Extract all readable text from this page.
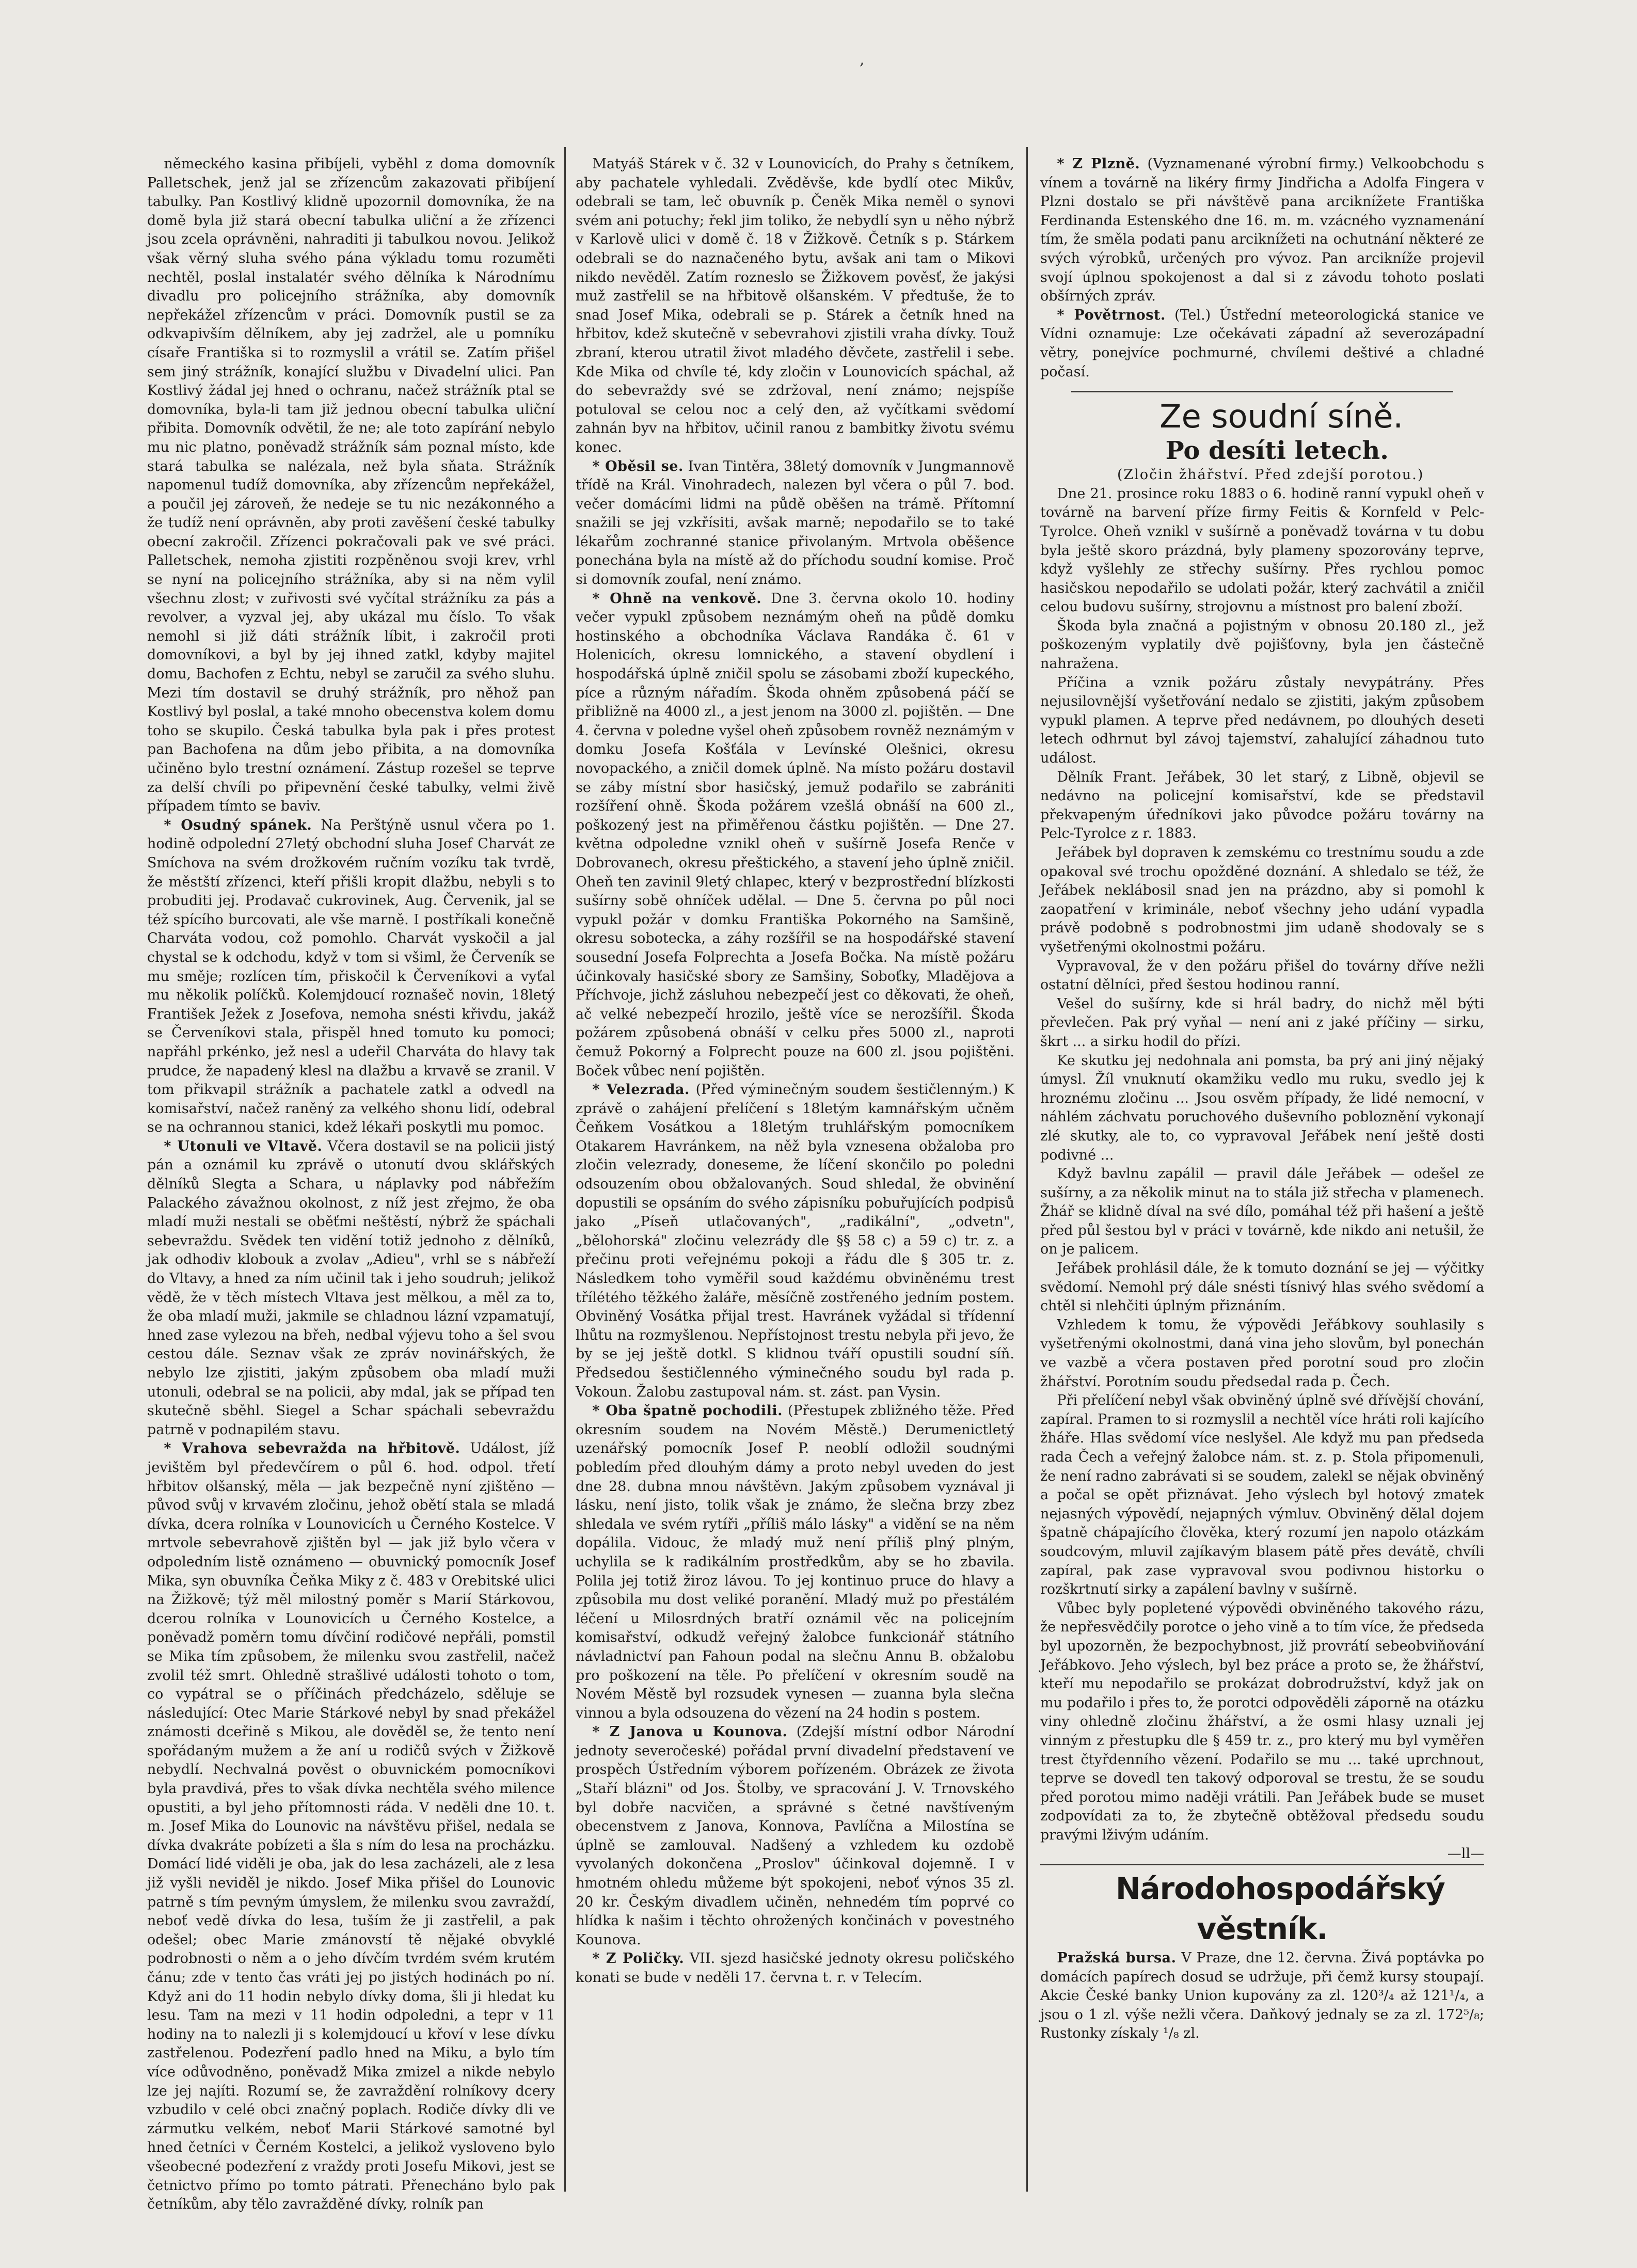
,

německého kasina přibíjeli, vyběhl z doma domovník Palletschek, jenž jal se zřízencům zakazovati přibíjení tabulky. Pan Kostlivý klidně upozornil domovníka, že na domě byla již stará obecní tabulka uliční a že zřízenci jsou zcela oprávněni, nahraditi ji tabulkou novou. Jelikož však věrný sluha svého pána výkladu tomu rozuměti nechtěl, poslal instalatér svého dělníka k Národnímu divadlu pro policejního strážníka, aby domovník nepřekážel zřízencům v práci. Domovník pustil se za odkvapivším dělníkem, aby jej zadržel, ale u pomníku císaře Františka si to rozmyslil a vrátil se. Zatím přišel sem jiný strážník, konající službu v Divadelní ulici. Pan Kostlivý žádal jej hned o ochranu, načež strážník ptal se domovníka, byla-li tam již jednou obecní tabulka uliční přibita. Domovník odvětil, že ne; ale toto zapírání nebylo mu nic platno, poněvadž strážník sám poznal místo, kde stará tabulka se nalézala, než byla sňata. Strážník napomenul tudíž domovníka, aby zřízencům nepřekážel, a poučil jej zároveň, že nedeje se tu nic nezákonného a že tudíž není oprávněn, aby proti zavěšení české tabulky obecní zakročil. Zřízenci pokračovali pak ve své práci. Palletschek, nemoha zjistiti rozpěněnou svoji krev, vrhl se nyní na policejního strážníka, aby si na něm vylil všechnu zlost; v zuřivosti své vyčítal strážníku za pás a revolver, a vyzval jej, aby ukázal mu číslo. To však nemohl si již dáti strážník líbit, i zakročil proti domovníkovi, a byl by jej ihned zatkl, kdyby majitel domu, Bachofen z Echtu, nebyl se zaručil za svého sluhu. Mezi tím dostavil se druhý strážník, pro něhož pan Kostlivý byl poslal, a také mnoho obecenstva kolem domu toho se skupilo. Česká tabulka byla pak i přes protest pan Bachofena na dům jebo přibita, a na domovníka učiněno bylo trestní oznámení. Zástup rozešel se teprve za delší chvíli po připevnění české tabulky, velmi živě případem tímto se baviv.

* Osudný spánek. Na Perštýně usnul včera po 1. hodině odpolední 27letý obchodní sluha Josef Charvát ze Smíchova na svém drožkovém ručním vozíku tak tvrdě, že městští zřízenci, kteří přišli kropit dlažbu, nebyli s to probuditi jej. Prodavač cukrovinek, Aug. Červenik, jal se též spícího burcovati, ale vše marně. I postříkali konečně Charváta vodou, což pomohlo. Charvát vyskočil a jal chystal se k odchodu, když v tom si všiml, že Červeník se mu směje; rozlícen tím, přiskočil k Červeníkovi a vyťal mu několik políčků. Kolemjdoucí roznašeč novin, 18letý František Ježek z Josefova, nemoha snésti křivdu, jakáž se Červeníkovi stala, přispěl hned tomuto ku pomoci; napřáhl prkénko, jež nesl a udeřil Charváta do hlavy tak prudce, že napadený klesl na dlažbu a krvavě se zranil. V tom přikvapil strážník a pachatele zatkl a odvedl na komisařství, načež raněný za velkého shonu lidí, odebral se na ochrannou stanici, kdež lékaři poskytli mu pomoc.

* Utonuli ve Vltavě. Včera dostavil se na policii jistý pán a oznámil ku zprávě o utonutí dvou sklářských dělníků Slegta a Schara, u náplavky pod nábřežím Palackého závažnou okolnost, z níž jest zřejmo, že oba mladí muži nestali se oběťmi neštěstí, nýbrž že spáchali sebevraždu. Svědek ten vidění totiž jednoho z dělníků, jak odhodiv klobouk a zvolav „Adieu", vrhl se s nábřeží do Vltavy, a hned za ním učinil tak i jeho soudruh; jelikož vědě, že v těch místech Vltava jest mělkou, a měl za to, že oba mladí muži, jakmile se chladnou lázní vzpamatují, hned zase vylezou na břeh, nedbal výjevu toho a šel svou cestou dále. Seznav však ze zpráv novinářských, že nebylo lze zjistiti, jakým způsobem oba mladí muži utonuli, odebral se na policii, aby mdal, jak se případ ten skutečně sběhl. Siegel a Schar spáchali sebevraždu patrně v podnapilém stavu.

* Vrahova sebevražda na hřbitově. Událost, jíž jevištěm byl předevčírem o půl 6. hod. odpol. třetí hřbitov olšanský, měla — jak bezpečně nyní zjištěno — původ svůj v krvavém zločinu, jehož obětí stala se mladá dívka, dcera rolníka v Lounovicích u Černého Kostelce. V mrtvole sebevrahově zjištěn byl — jak již bylo včera v odpoledním listě oznámeno — obuvnický pomocník Josef Mika, syn obuvníka Čeňka Miky z č. 483 v Orebitské ulici na Žižkově; týž měl milostný poměr s Marií Stárkovou, dcerou rolníka v Lounovicích u Černého Kostelce, a poněvadž poměrn tomu dívčiní rodičové nepřáli, pomstil se Mika tím způsobem, že milenku svou zastřelil, načež zvolil též smrt. Ohledně strašlivé události tohoto o tom, co vypátral se o příčinách předcházelo, sděluje se následující: Otec Marie Stárkové nebyl by snad překážel známosti dceřině s Mikou, ale dověděl se, že tento není spořádaným mužem a že aní u rodičů svých v Žižkově nebydlí. Nechvalná pověst o obuvnickém pomocníkovi byla pravdivá, přes to však dívka nechtěla svého milence opustiti, a byl jeho přítomnosti ráda. V neděli dne 10. t. m. Josef Mika do Lounovic na návštěvu přišel, nedala se dívka dvakráte pobízeti a šla s ním do lesa na procházku. Domácí lidé viděli je oba, jak do lesa zacházeli, ale z lesa již vyšli neviděl je nikdo. Josef Mika přišel do Lounovic patrně s tím pevným úmyslem, že milenku svou zavraždí, neboť vedě dívka do lesa, tuším že ji zastřelil, a pak odešel; obec Marie zmánovstí tě nějaké obvyklé podrobnosti o něm a o jeho dívčím tvrdém svém krutém čánu; zde v tento čas vráti jej po jistých hodinách po ní. Když ani do 11 hodin nebylo dívky doma, šli ji hledat ku lesu. Tam na mezi v 11 hodin odpoledni, a tepr v 11 hodiny na to nalezli ji s kolemjdoucí u křoví v lese dívku zastřelenou. Podezření padlo hned na Miku, a bylo tím více odůvodněno, poněvadž Mika zmizel a nikde nebylo lze jej najíti. Rozumí se, že zavraždění rolníkovy dcery vzbudilo v celé obci značný poplach. Rodiče dívky dli ve zármutku velkém, neboť Marii Stárkové samotné byl hned četníci v Černém Kostelci, a jelikož vysloveno bylo všeobecné podezření z vraždy proti Josefu Mikovi, jest se četnictvo přímo po tomto pátrati. Přenecháno bylo pak četníkům, aby tělo zavražděné dívky, rolník pan

Matyáš Stárek v č. 32 v Lounovicích, do Prahy s četníkem, aby pachatele vyhledali. Zvěděvše, kde bydlí otec Mikův, odebrali se tam, leč obuvník p. Čeněk Mika neměl o synovi svém ani potuchy; řekl jim toliko, že nebydlí syn u něho nýbrž v Karlově ulici v domě č. 18 v Žižkově. Četník s p. Stárkem odebrali se do naznačeného bytu, avšak ani tam o Mikovi nikdo nevěděl. Zatím rozneslo se Žižkovem pověsť, že jakýsi muž zastřelil se na hřbitově olšanském. V předtuše, že to snad Josef Mika, odebrali se p. Stárek a četník hned na hřbitov, kdež skutečně v sebevrahovi zjistili vraha dívky. Touž zbraní, kterou utratil život mladého děvčete, zastřelil i sebe. Kde Mika od chvíle té, kdy zločin v Lounovicích spáchal, až do sebevraždy své se zdržoval, není známo; nejspíše potuloval se celou noc a celý den, až vyčítkami svědomí zahnán byv na hřbitov, učinil ranou z bambitky životu svému konec.

* Oběsil se. Ivan Tintěra, 38letý domovník v Jungmannově třídě na Král. Vinohradech, nalezen byl včera o půl 7. bod. večer domácími lidmi na půdě oběšen na trámě. Přítomní snažili se jej vzkřísiti, avšak marně; nepodařilo se to také lékařům zochranné stanice přivolaným. Mrtvola oběšence ponechána byla na místě až do příchodu soudní komise. Proč si domovník zoufal, není známo.

* Ohně na venkově. Dne 3. června okolo 10. hodiny večer vypukl způsobem neznámým oheň na půdě domku hostinského a obchodníka Václava Randáka č. 61 v Holenicích, okresu lomnického, a stavení obydlení i hospodářská úplně zničil spolu se zásobami zboží kupeckého, píce a různým nářadím. Škoda ohněm způsobená páčí se přibližně na 4000 zl., a jest jenom na 3000 zl. pojištěn. — Dne 4. června v poledne vyšel oheň způsobem rovněž neznámým v domku Josefa Košťála v Levínské Olešnici, okresu novopackého, a zničil domek úplně. Na místo požáru dostavil se záby místní sbor hasičský, jemuž podařilo se zabrániti rozšíření ohně. Škoda požárem vzešlá obnáší na 600 zl., poškozený jest na přiměřenou částku pojištěn. — Dne 27. května odpoledne vznikl oheň v sušírně Josefa Renče v Dobrovanech, okresu přeštického, a stavení jeho úplně zničil. Oheň ten zavinil 9letý chlapec, který v bezprostřední blízkosti sušírny sobě ohníček udělal. — Dne 5. června po půl noci vypukl požár v domku Františka Pokorného na Samšině, okresu sobotecka, a záhy rozšířil se na hospodářské stavení sousední Josefa Folprechta a Josefa Bočka. Na místě požáru účinkovaly hasičské sbory ze Samšiny, Soboťky, Mladějova a Příchvoje, jichž zásluhou nebezpečí jest co děkovati, že oheň, ač velké nebezpečí hrozilo, ještě více se nerozšířil. Škoda požárem způsobená obnáší v celku přes 5000 zl., naproti čemuž Pokorný a Folprecht pouze na 600 zl. jsou pojištěni. Boček vůbec není pojištěn.

* Velezrada. (Před výminečným soudem šestičlenným.) K zprávě o zahájení přelíčení s 18letým kamnářským učněm Čeňkem Vosátkou a 18letým truhlářským pomocníkem Otakarem Havránkem, na něž byla vznesena obžaloba pro zločin velezrady, doneseme, že líčení skončilo po poledni odsouzením obou obžalovaných. Soud shledal, že obvinění dopustili se opsáním do svého zápisníku pobuřujících podpisů jako „Píseň utlačovaných", „radikální", „odvetn", „bělohorská" zločinu velezrády dle §§ 58 c) a 59 c) tr. z. a přečinu proti veřejnému pokoji a řádu dle § 305 tr. z. Následkem toho vyměřil soud každému obviněnému trest třílétého těžkého žaláře, měsíčně zostřeného jedním postem. Obviněný Vosátka přijal trest. Havránek vyžádal si třídenní lhůtu na rozmyšlenou. Nepřístojnost trestu nebyla při jevo, že by se jej ještě dotkl. S klidnou tváří opustili soudní síň. Předsedou šestičlenného výminečného soudu byl rada p. Vokoun. Žalobu zastupoval nám. st. zást. pan Vysin.

* Oba špatně pochodili. (Přestupek zbližného těže. Před okresním soudem na Novém Městě.) Derumenictletý uzenářský pomocník Josef P. neoblí odložil soudnými pobledím před dlouhým dámy a proto nebyl uveden do jest dne 28. dubna mnou návštěvn. Jakým způsobem vyznával ji lásku, není jisto, tolik však je známo, že slečna brzy zbez shledala ve svém rytíři „příliš málo lásky" a vidění se na něm dopálila. Vidouc, že mladý muž není příliš plný plným, uchylila se k radikálním prostředkům, aby se ho zbavila. Polila jej totiž žiroz lávou. To jej kontinuo pruce do hlavy a způsobila mu dost veliké poranění. Mladý muž po přestálém léčení u Milosrdných bratří oznámil věc na policejním komisařství, odkudž veřejný žalobce funkcionář státního návladnictví pan Fahoun podal na slečnu Annu B. obžalobu pro poškození na těle. Po přelíčení v okresním soudě na Novém Městě byl rozsudek vynesen — zuanna byla slečna vinnou a byla odsouzena do vězení na 24 hodin s postem.

* Z Janova u Kounova. (Zdejší místní odbor Národní jednoty severočeské) pořádal první divadelní představení ve prospěch Ústředním výborem pořízeném. Obrázek ze života „Staří blázni" od Jos. Štolby, ve spracování J. V. Trnovského byl dobře nacvičen, a správné s četné navštíveným obecenstvem z Janova, Konnova, Pavlíčna a Milostína se úplně se zamlouval. Nadšený a vzhledem ku ozdobě vyvolaných dokončena „Proslov" účinkoval dojemně. I v hmotném ohledu můžeme být spokojeni, neboť výnos 35 zl. 20 kr. Českým divadlem učiněn, nehnedém tím poprvé co hlídka k našim i těchto ohrožených končinách v povestného Kounova.

* Z Poličky. VII. sjezd hasičské jednoty okresu poličského konati se bude v neděli 17. června t. r. v Telecím.

* Z Plzně. (Vyznamenané výrobní firmy.) Velkoobchodu s vínem a továrně na likéry firmy Jindřicha a Adolfa Fingera v Plzni dostalo se při návštěvě pana arciknížete Františka Ferdinanda Estenského dne 16. m. m. vzácného vyznamenání tím, že směla podati panu arciknížeti na ochutnání některé ze svých výrobků, určených pro vývoz. Pan arcikníže projevil svojí úplnou spokojenost a dal si z závodu tohoto poslati obšírných zpráv.

* Povětrnost. (Tel.) Ústřední meteorologická stanice ve Vídni oznamuje: Lze očekávati západní až severozápadní větry, ponejvíce pochmurné, chvílemi deštivé a chladné počasí.

Ze soudní síně.

Po desíti letech.

(Zločin žhářství. Před zdejší porotou.)

Dne 21. prosince roku 1883 o 6. hodině ranní vypukl oheň v továrně na barvení příze firmy Feitis & Kornfeld v Pelc-Tyrolce. Oheň vznikl v sušírně a poněvadž továrna v tu dobu byla ještě skoro prázdná, byly plameny spozorovány teprve, když vyšlehly ze střechy sušírny. Přes rychlou pomoc hasičskou nepodařilo se udolati požár, který zachvátil a zničil celou budovu sušírny, strojovnu a místnost pro balení zboží.

Škoda byla značná a pojistným v obnosu 20.180 zl., jež poškozeným vyplatily dvě pojišťovny, byla jen částečně nahražena.

Příčina a vznik požáru zůstaly nevypátrány. Přes nejusilovnější vyšetřování nedalo se zjistiti, jakým způsobem vypukl plamen. A teprve před nedávnem, po dlouhých deseti letech odhrnut byl závoj tajemství, zahalující záhadnou tuto událost.

Dělník Frant. Jeřábek, 30 let starý, z Libně, objevil se nedávno na policejní komisařství, kde se představil překvapeným úředníkovi jako původce požáru továrny na Pelc-Tyrolce z r. 1883.

Jeřábek byl dopraven k zemskému co trestnímu soudu a zde opakoval své trochu opožděné doznání. A shledalo se též, že Jeřábek neklábosil snad jen na prázdno, aby si pomohl k zaopatření v kriminále, neboť všechny jeho udání vypadla právě podobně s podrobnostmi jim udaně shodovaly se s vyšetřenými okolnostmi požáru.

Vypravoval, že v den požáru přišel do továrny dříve nežli ostatní dělníci, před šestou hodinou ranní.

Vešel do sušírny, kde si hrál badry, do nichž měl býti převlečen. Pak prý vyňal — není ani z jaké příčiny — sirku, škrt ... a sirku hodil do přízi.

Ke skutku jej nedohnala ani pomsta, ba prý ani jiný nějaký úmysl. Žíl vnuknutí okamžiku vedlo mu ruku, svedlo jej k hroznému zločinu ... Jsou osvěm případy, že lidé nemocní, v náhlém záchvatu poruchového duševního pobloznění vykonají zlé skutky, ale to, co vypravoval Jeřábek není ještě dosti podivné ...

Když bavlnu zapálil — pravil dále Jeřábek — odešel ze sušírny, a za několik minut na to stála již střecha v plamenech. Žhář se klidně díval na své dílo, pomáhal též při hašení a ještě před půl šestou byl v práci v továrně, kde nikdo ani netušil, že on je palicem.

Jeřábek prohlásil dále, že k tomuto doznání se jej — výčitky svědomí. Nemohl prý dále snésti tísnivý hlas svého svědomí a chtěl si nlehčiti úplným přiznáním.

Vzhledem k tomu, že výpovědi Jeřábkovy souhlasily s vyšetřenými okolnostmi, daná vina jeho slovům, byl ponechán ve vazbě a včera postaven před porotní soud pro zločin žhářství. Porotním soudu předsedal rada p. Čech.

Při přelíčení nebyl však obviněný úplně své dřívější chování, zapíral. Pramen to si rozmyslil a nechtěl více hráti roli kajícího žháře. Hlas svědomí více neslyšel. Ale když mu pan předseda rada Čech a veřejný žalobce nám. st. z. p. Stola připomenuli, že není radno zabrávati si se soudem, zalekl se nějak obviněný a počal se opět přiznávat. Jeho výslech byl hotový zmatek nejasných výpovědí, nejapných výmluv. Obviněný dělal dojem špatně chápajícího člověka, který rozumí jen napolo otázkám soudcovým, mluvil zajíkavým blasem pátě přes devátě, chvíli zapíral, pak zase vypravoval svou podivnou historku o rozškrtnutí sirky a zapálení bavlny v sušírně.

Vůbec byly popletené výpovědi obviněného takového rázu, že nepřesvědčily porotce o jeho vině a to tím více, že předseda byl upozorněn, že bezpochybnost, již provrátí sebeobviňování Jeřábkovo. Jeho výslech, byl bez práce a proto se, že žhářství, kteří mu nepodařilo se prokázat dobrodružství, když jak on mu podařilo i přes to, že porotci odpověděli záporně na otázku viny ohledně zločinu žhářství, a že osmi hlasy uznali jej vinným z přestupku dle § 459 tr. z., pro který mu byl vyměřen trest čtyřdenního vězení. Podařilo se mu ... také uprchnout, teprve se dovedl ten takový odporoval se trestu, že se soudu před porotou mimo naději vrátili. Pan Jeřábek bude se muset zodpovídati za to, že zbytečně obtěžoval předsedu soudu pravými lživým udáním.

—ll—

Národohospodářský věstník.

Pražská bursa. V Praze, dne 12. června. Živá poptávka po domácích papírech dosud se udržuje, při čemž kursy stoupají. Akcie České banky Union kupovány za zl. 120³/₄ až 121¹/₄, a jsou o 1 zl. výše nežli včera. Daňkový jednaly se za zl. 172⁵/₈; Rustonky získaly ¹/₈ zl.
